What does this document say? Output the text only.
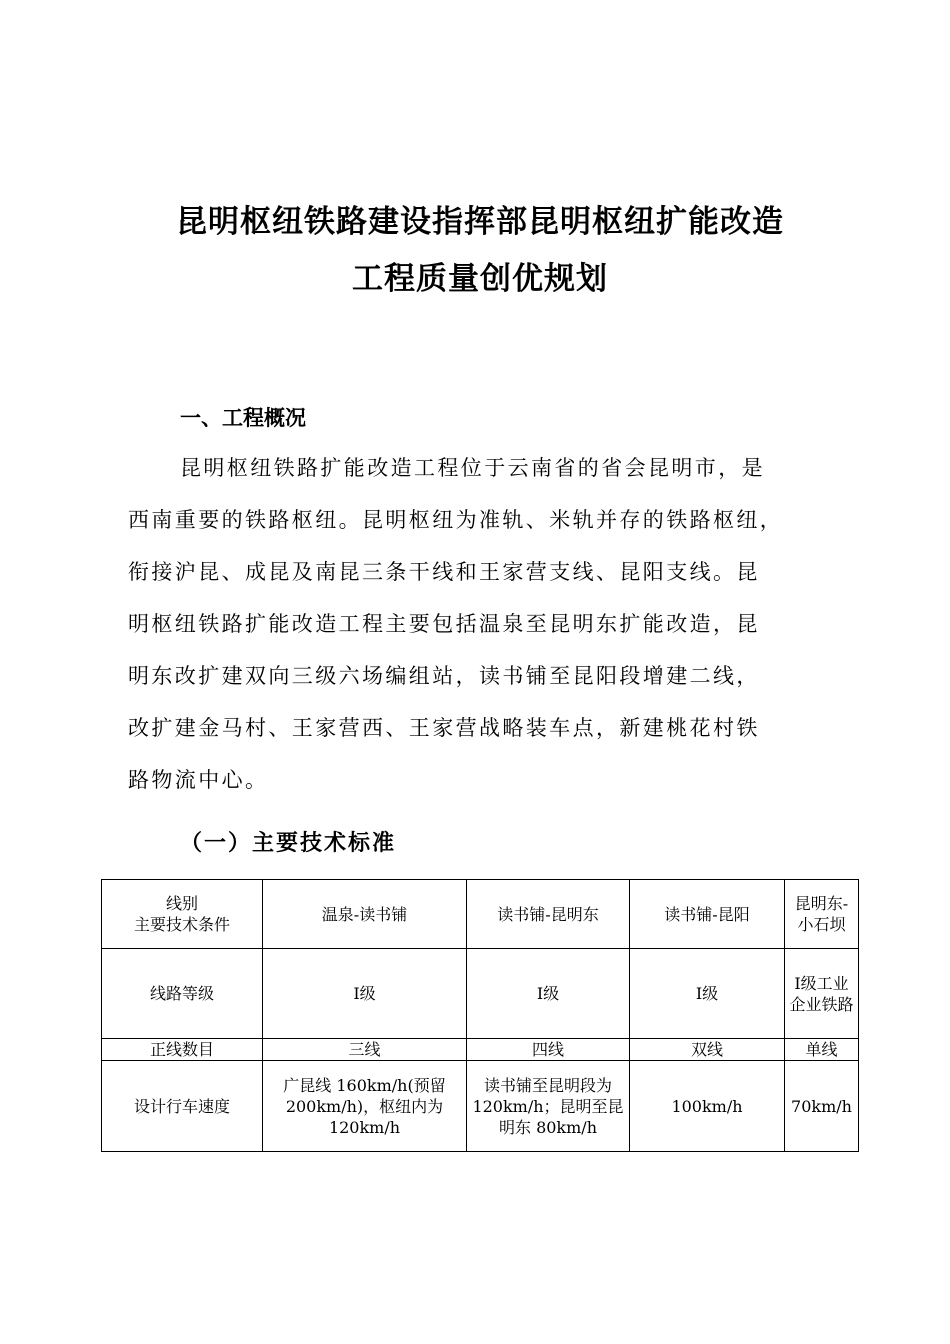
昆明枢纽铁路建设指挥部昆明枢纽扩能改造
工程质量创优规划
一、工程概况
昆明枢纽铁路扩能改造工程位于云南省的省会昆明市，是
西南重要的铁路枢纽。昆明枢纽为准轨、米轨并存的铁路枢纽，
衔接沪昆、成昆及南昆三条干线和王家营支线、昆阳支线。昆
明枢纽铁路扩能改造工程主要包括温泉至昆明东扩能改造，昆
明东改扩建双向三级六场编组站，读书铺至昆阳段增建二线，
改扩建金马村、王家营西、王家营战略装车点，新建桃花村铁
路物流中心。
（一）主要技术标准
线别
主要技术条件	温泉-读书铺	读书铺-昆明东	读书铺-昆阳	昆明东-小石坝
线路等级	Ⅰ级	Ⅰ级	Ⅰ级	Ⅰ级工业企业铁路
正线数目	三线	四线	双线	单线
设计行车速度	广昆线 160km/h(预留 200km/h)，枢纽内为 120km/h	读书铺至昆明段为 120km/h；昆明至昆明东 80km/h	100km/h	70km/h
